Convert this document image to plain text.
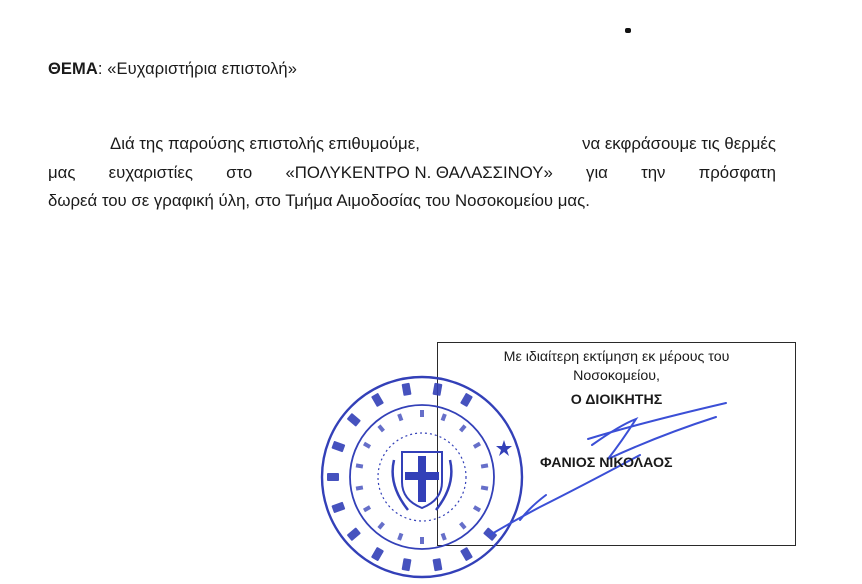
ΘΕΜΑ: «Ευχαριστήρια επιστολή»
Διά της παρούσης επιστολής επιθυμούμε,	να εκφράσουμε τις θερμές
μας ευχαριστίες στο «ΠΟΛΥΚΕΝΤΡΟ Ν. ΘΑΛΑΣΣΙΝΟΥ» για την πρόσφατη
δωρεά του σε γραφική ύλη, στο Τμήμα Αιμοδοσίας του Νοσοκομείου μας.
Με ιδιαίτερη εκτίμηση εκ μέρους του
Νοσοκομείου,
Ο ΔΙΟΙΚΗΤΗΣ
ΦΑΝΙΟΣ ΝΙΚΟΛΑΟΣ
